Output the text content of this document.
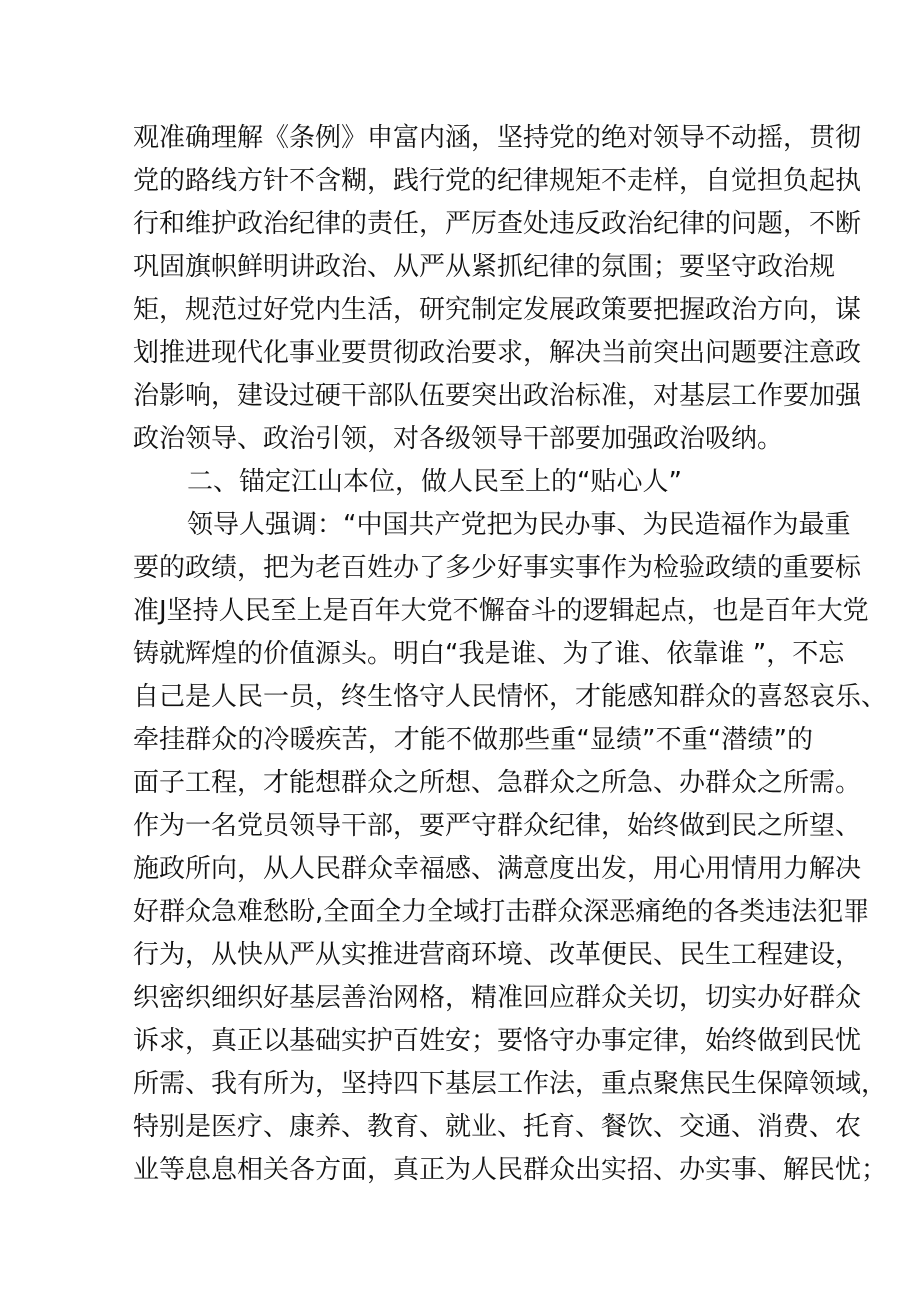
观准确理解《条例》申富内涵，坚持党的绝对领导不动摇，贯彻
党的路线方针不含糊，践行党的纪律规矩不走样，自觉担负起执
行和维护政治纪律的责任，严厉查处违反政治纪律的问题，不断
巩固旗帜鲜明讲政治、从严从紧抓纪律的氛围；要坚守政治规
矩，规范过好党内生活，研究制定发展政策要把握政治方向，谋
划推进现代化事业要贯彻政治要求，解决当前突出问题要注意政
治影响，建设过硬干部队伍要突出政治标准，对基层工作要加强
政治领导、政治引领，对各级领导干部要加强政治吸纳。
二、锚定江山本位，做人民至上的“贴心人”
领导人强调：“中国共产党把为民办事、为民造福作为最重
要的政绩，把为老百姓办了多少好事实事作为检验政绩的重要标
准J坚持人民至上是百年大党不懈奋斗的逻辑起点，也是百年大党
铸就辉煌的价值源头。明白“我是谁、为了谁、依靠谁 ”，不忘
自己是人民一员，终生恪守人民情怀，才能感知群众的喜怒哀乐、
牵挂群众的冷暖疾苦，才能不做那些重“显绩”不重“潜绩”的
面子工程，才能想群众之所想、急群众之所急、办群众之所需。
作为一名党员领导干部，要严守群众纪律，始终做到民之所望、
施政所向，从人民群众幸福感、满意度出发，用心用情用力解决
好群众急难愁盼,全面全力全域打击群众深恶痛绝的各类违法犯罪
行为，从快从严从实推进营商环境、改革便民、民生工程建设，
织密织细织好基层善治网格，精准回应群众关切，切实办好群众
诉求，真正以基础实护百姓安；要恪守办事定律，始终做到民忧
所需、我有所为，坚持四下基层工作法，重点聚焦民生保障领域，
特别是医疗、康养、教育、就业、托育、餐饮、交通、消费、农
业等息息相关各方面，真正为人民群众出实招、办实事、解民忧；
